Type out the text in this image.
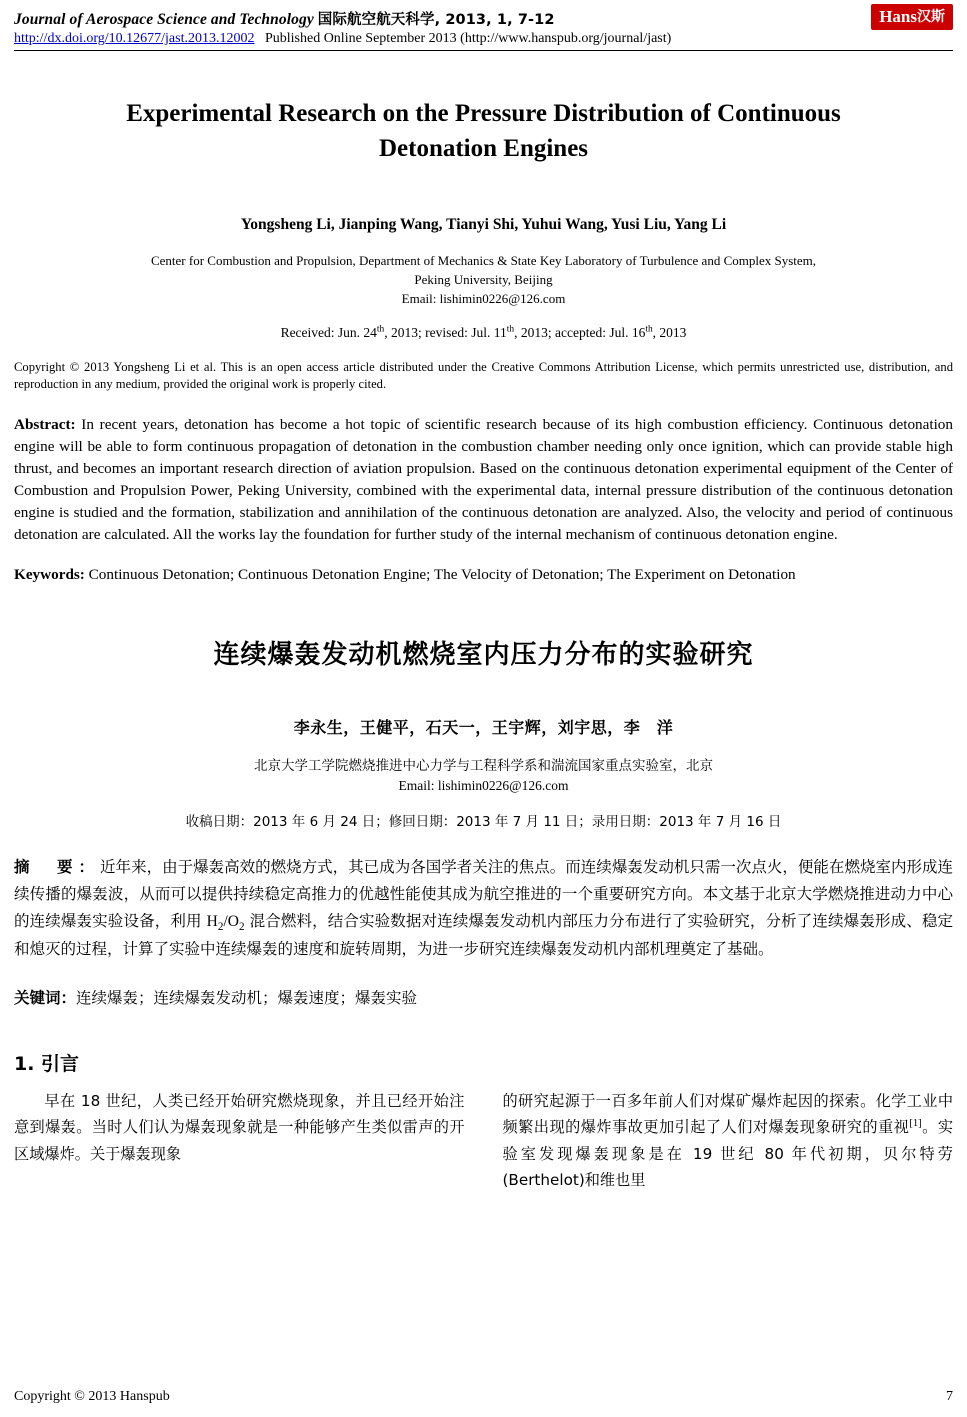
Journal of Aerospace Science and Technology 国际航空航天科学, 2013, 1, 7-12
http://dx.doi.org/10.12677/jast.2013.12002 Published Online September 2013 (http://www.hanspub.org/journal/jast)
Hans汉斯
Experimental Research on the Pressure Distribution of Continuous Detonation Engines
Yongsheng Li, Jianping Wang, Tianyi Shi, Yuhui Wang, Yusi Liu, Yang Li
Center for Combustion and Propulsion, Department of Mechanics & State Key Laboratory of Turbulence and Complex System,
Peking University, Beijing
Email: lishimin0226@126.com
Received: Jun. 24th, 2013; revised: Jul. 11th, 2013; accepted: Jul. 16th, 2013
Copyright © 2013 Yongsheng Li et al. This is an open access article distributed under the Creative Commons Attribution License, which permits unrestricted use, distribution, and reproduction in any medium, provided the original work is properly cited.
Abstract: In recent years, detonation has become a hot topic of scientific research because of its high combustion efficiency. Continuous detonation engine will be able to form continuous propagation of detonation in the combustion chamber needing only once ignition, which can provide stable high thrust, and becomes an important research direction of aviation propulsion. Based on the continuous detonation experimental equipment of the Center of Combustion and Propulsion Power, Peking University, combined with the experimental data, internal pressure distribution of the continuous detonation engine is studied and the formation, stabilization and annihilation of the continuous detonation are analyzed. Also, the velocity and period of continuous detonation are calculated. All the works lay the foundation for further study of the internal mechanism of continuous detonation engine.
Keywords: Continuous Detonation; Continuous Detonation Engine; The Velocity of Detonation; The Experiment on Detonation
连续爆轰发动机燃烧室内压力分布的实验研究
李永生，王健平，石天一，王宇辉，刘宇思，李　洋
北京大学工学院燃烧推进中心力学与工程科学系和湍流国家重点实验室，北京
Email: lishimin0226@126.com
收稿日期：2013 年 6 月 24 日；修回日期：2013 年 7 月 11 日；录用日期：2013 年 7 月 16 日
摘　要：近年来，由于爆轰高效的燃烧方式，其已成为各国学者关注的焦点。而连续爆轰发动机只需一次点火，便能在燃烧室内形成连续传播的爆轰波，从而可以提供持续稳定高推力的优越性能使其成为航空推进的一个重要研究方向。本文基于北京大学燃烧推进动力中心的连续爆轰实验设备，利用 $H_2/O_2$ 混合燃料，结合实验数据对连续爆轰发动机内部压力分布进行了实验研究，分析了连续爆轰形成、稳定和熄灭的过程，计算了实验中连续爆轰的速度和旋转周期，为进一步研究连续爆轰发动机内部机理奠定了基础。
关键词：连续爆轰；连续爆轰发动机；爆轰速度；爆轰实验
1. 引言

早在 18 世纪，人类已经开始研究燃烧现象，并且已经开始注意到爆轰。当时人们认为爆轰现象就是一种能够产生类似雷声的开区域爆炸。关于爆轰现象

的研究起源于一百多年前人们对煤矿爆炸起因的探索。化学工业中频繁出现的爆炸事故更加引起了人们对爆轰现象研究的重视[1]。实验室发现爆轰现象是在 19 世纪 80 年代初期，贝尔特劳(Berthelot)和维也里

Copyright © 2013 Hanspub	7
